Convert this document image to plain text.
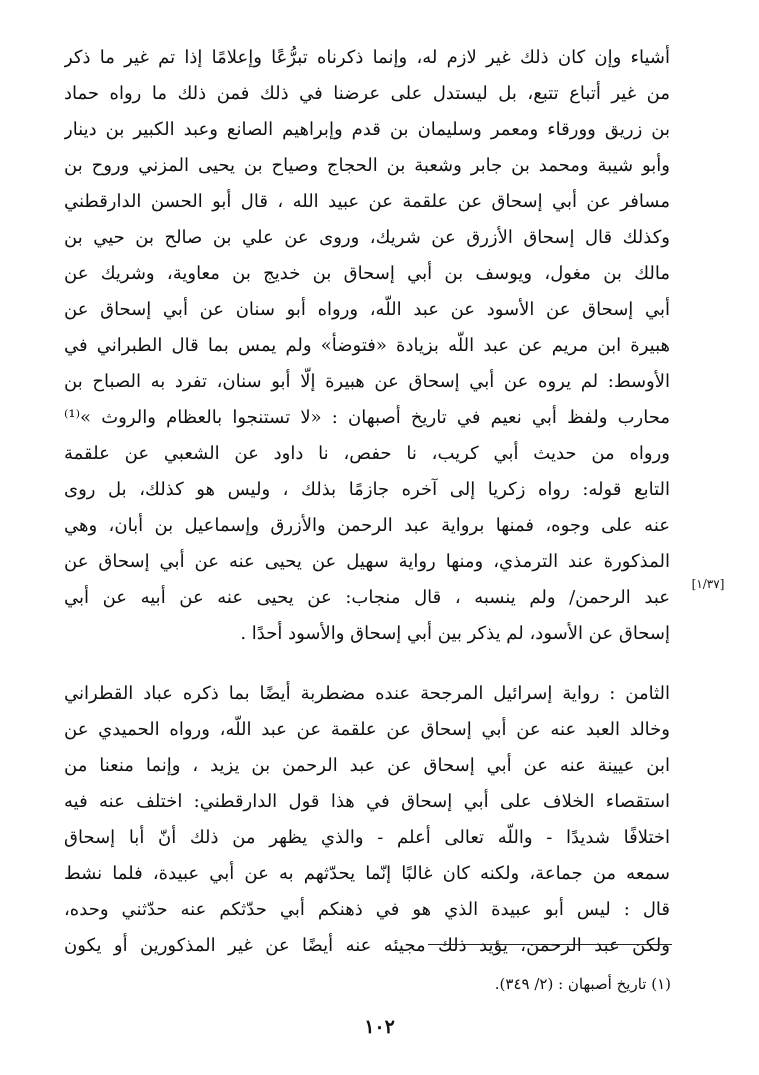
أشياء وإن كان ذلك غير لازم له، وإنما ذكرناه تبرُّعًا وإعلامًا إذا تم غير ما ذكر
من غير أتباع تتبع، بل ليستدل على عرضنا في ذلك فمن ذلك ما رواه حماد
بن زريق وورقاء ومعمر وسليمان بن قدم وإبراهيم الصانع وعبد الكبير بن دينار
وأبو شيبة ومحمد بن جابر وشعبة بن الحجاج وصياح بن يحيى المزني وروح بن
مسافر عن أبي إسحاق عن علقمة عن عبيد الله ، قال أبو الحسن الدارقطني
وكذلك قال إسحاق الأزرق عن شريك، وروى عن علي بن صالح بن حيي بن
مالك بن مغول، ويوسف بن أبي إسحاق بن خديج بن معاوية، وشريك عن
أبي إسحاق عن الأسود عن عبد اللّه، ورواه أبو سنان عن أبي إسحاق عن
هبيرة ابن مريم عن عبد اللّه بزيادة «فتوضأ» ولم يمس بما قال الطبراني في
الأوسط: لم يروه عن أبي إسحاق عن هبيرة إلّا أبو سنان، تفرد به الصباح بن
محارب ولفظ أبي نعيم في تاريخ أصبهان : «لا تستنجوا بالعظام والروث »⁽¹⁾
ورواه من حديث أبي كريب، نا حفص، نا داود عن الشعبي عن علقمة
التابع قوله: رواه زكريا إلى آخره جازمًا بذلك ، وليس هو كذلك، بل روى
عنه على وجوه، فمنها برواية عبد الرحمن والأزرق وإسماعيل بن أبان، وهي
المذكورة عند الترمذي، ومنها رواية سهيل عن يحيى عنه عن أبي إسحاق عن
عبد الرحمن/ ولم ينسبه ، قال منجاب: عن يحيى عنه عن أبيه عن أبي
إسحاق عن الأسود، لم يذكر بين أبي إسحاق والأسود أحدًا .
[١/٣٧]
الثامن : رواية إسرائيل المرجحة عنده مضطربة أيضًا بما ذكره عباد القطراني
وخالد العبد عنه عن أبي إسحاق عن علقمة عن عبد اللّه، ورواه الحميدي عن
ابن عيينة عنه عن أبي إسحاق عن عبد الرحمن بن يزيد ، وإنما منعنا من
استقصاء الخلاف على أبي إسحاق في هذا قول الدارقطني: اختلف عنه فيه
اختلافًا شديدًا - واللّه تعالى أعلم - والذي يظهر من ذلك أنّ أبا إسحاق
سمعه من جماعة، ولكنه كان غالبًا إنّما يحدّثهم به عن أبي عبيدة، فلما نشط
قال : ليس أبو عبيدة الذي هو في ذهنكم أبي حدّثكم عنه حدّثني وحده،
ولكن عبد الرحمن، يؤيد ذلك مجيئه عنه أيضًا عن غير المذكورين أو يكون
(١) تاريخ أصبهان : (٢/ ٣٤٩).
١٠٢
